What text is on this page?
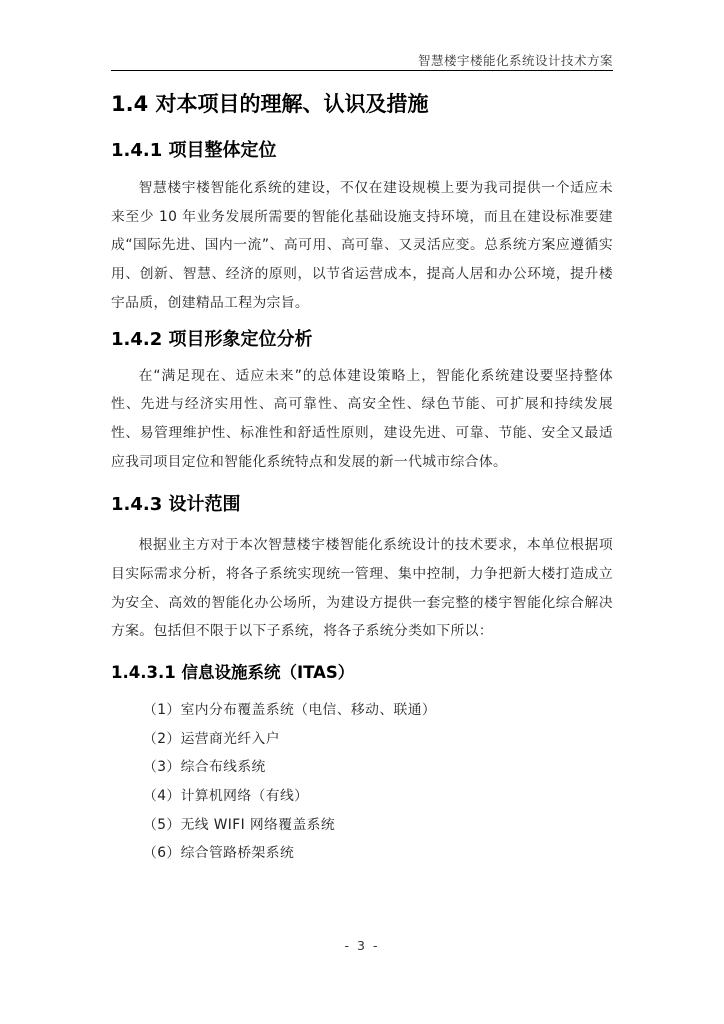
智慧楼宇楼能化系统设计技术方案
1.4 对本项目的理解、认识及措施
1.4.1 项目整体定位

智慧楼宇楼智能化系统的建设，不仅在建设规模上要为我司提供一个适应未来至少 10 年业务发展所需要的智能化基础设施支持环境，而且在建设标准要建成“国际先进、国内一流”、高可用、高可靠、又灵活应变。总系统方案应遵循实用、创新、智慧、经济的原则，以节省运营成本，提高人居和办公环境，提升楼宇品质，创建精品工程为宗旨。

1.4.2 项目形象定位分析

在“满足现在、适应未来”的总体建设策略上，智能化系统建设要坚持整体性、先进与经济实用性、高可靠性、高安全性、绿色节能、可扩展和持续发展性、易管理维护性、标准性和舒适性原则，建设先进、可靠、节能、安全又最适应我司项目定位和智能化系统特点和发展的新一代城市综合体。

1.4.3 设计范围

根据业主方对于本次智慧楼宇楼智能化系统设计的技术要求，本单位根据项目实际需求分析，将各子系统实现统一管理、集中控制，力争把新大楼打造成立为安全、高效的智能化办公场所，为建设方提供一套完整的楼宇智能化综合解决方案。包括但不限于以下子系统，将各子系统分类如下所以：

1.4.3.1 信息设施系统（ITAS）
（1）室内分布覆盖系统（电信、移动、联通）
（2）运营商光纤入户
（3）综合布线系统
（4）计算机网络（有线）
（5）无线 WIFI 网络覆盖系统
（6）综合管路桥架系统
- 3 -
